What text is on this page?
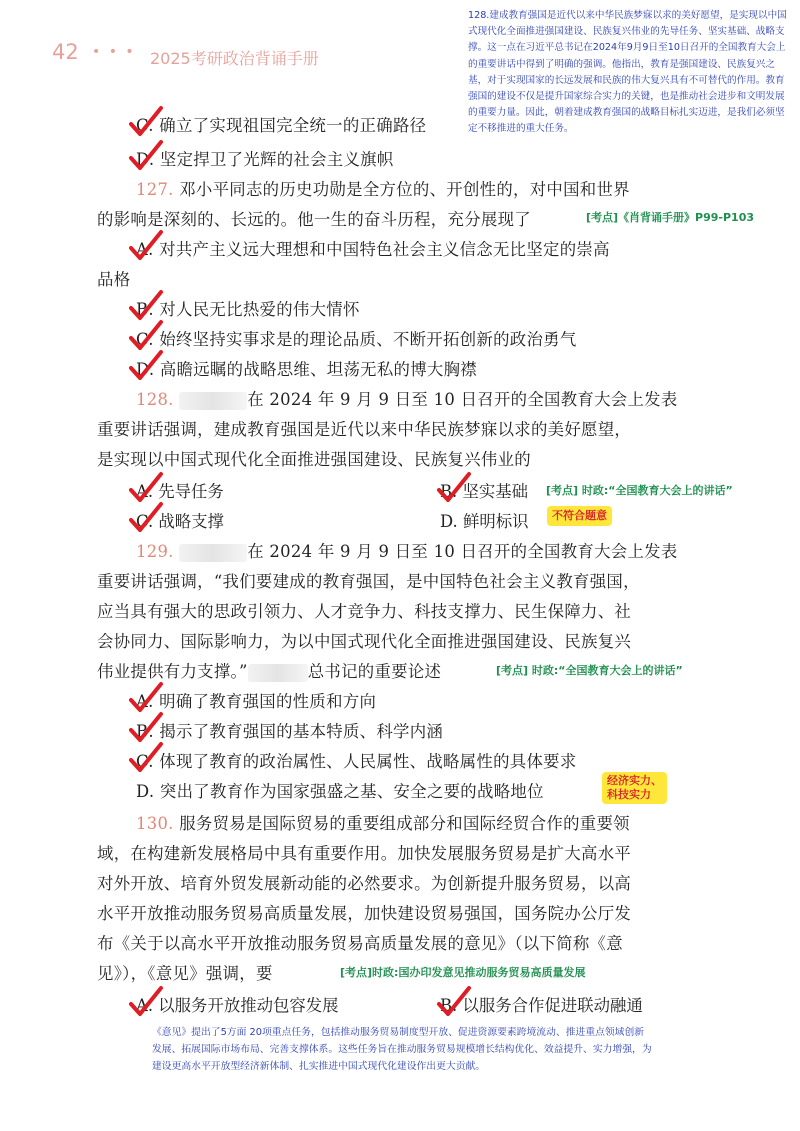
42 • • • 2025考研政治背诵手册
128.建成教育强国是近代以来中华民族梦寐以求的美好愿望，是实现以中国式现代化全面推进强国建设、民族复兴伟业的先导任务、坚实基础、战略支撑。这一点在习近平总书记在2024年9月9日至10日召开的全国教育大会上的重要讲话中得到了明确的强调。他指出，教育是强国建设、民族复兴之基，对于实现国家的长远发展和民族的伟大复兴具有不可替代的作用。教育强国的建设不仅是提升国家综合实力的关键，也是推动社会进步和文明发展的重要力量。因此，朝着建成教育强国的战略目标扎实迈进，是我们必须坚定不移推进的重大任务。
C. 确立了实现祖国完全统一的正确路径
D. 坚定捍卫了光辉的社会主义旗帜
127. 邓小平同志的历史功勋是全方位的、开创性的，对中国和世界
的影响是深刻的、长远的。他一生的奋斗历程，充分展现了	[考点]《肖背诵手册》P99-P103
A. 对共产主义远大理想和中国特色社会主义信念无比坚定的崇高
品格
B. 对人民无比热爱的伟大情怀
C. 始终坚持实事求是的理论品质、不断开拓创新的政治勇气
D. 高瞻远瞩的战略思维、坦荡无私的博大胸襟
128.	在 2024 年 9 月 9 日至 10 日召开的全国教育大会上发表
重要讲话强调，建成教育强国是近代以来中华民族梦寐以求的美好愿望，
是实现以中国式现代化全面推进强国建设、民族复兴伟业的
A. 先导任务	B. 坚实基础 [考点] 时政:“全国教育大会上的讲话”
C. 战略支撑	D. 鲜明标识	不符合题意
129.	在 2024 年 9 月 9 日至 10 日召开的全国教育大会上发表
重要讲话强调，“我们要建成的教育强国，是中国特色社会主义教育强国，
应当具有强大的思政引领力、人才竞争力、科技支撑力、民生保障力、社
会协同力、国际影响力，为以中国式现代化全面推进强国建设、民族复兴
伟业提供有力支撑。”	总书记的重要论述	[考点] 时政:“全国教育大会上的讲话”
A. 明确了教育强国的性质和方向
B. 揭示了教育强国的基本特质、科学内涵
C. 体现了教育的政治属性、人民属性、战略属性的具体要求
D. 突出了教育作为国家强盛之基、安全之要的战略地位
经济实力、
科技实力
130. 服务贸易是国际贸易的重要组成部分和国际经贸合作的重要领
域，在构建新发展格局中具有重要作用。加快发展服务贸易是扩大高水平
对外开放、培育外贸发展新动能的必然要求。为创新提升服务贸易，以高
水平开放推动服务贸易高质量发展，加快建设贸易强国，国务院办公厅发
布《关于以高水平开放推动服务贸易高质量发展的意见》（以下简称《意
见》），《意见》强调，要	[考点]时政:国办印发意见推动服务贸易高质量发展
A. 以服务开放推动包容发展	B. 以服务合作促进联动融通
《意见》提出了5方面 20项重点任务，包括推动服务贸易制度型开放、促进资源要素跨境流动、推进重点领域创新发展、拓展国际市场布局、完善支撑体系。这些任务旨在推动服务贸易规模增长结构优化、效益提升、实力增强，为建设更高水平开放型经济新体制、扎实推进中国式现代化建设作出更大贡献。
